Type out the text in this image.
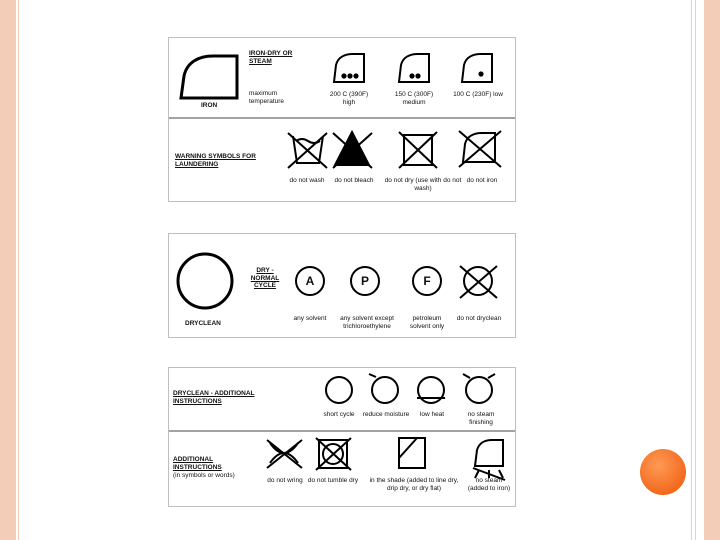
IRON-DRY OR STEAM
IRON
maximum temperature
200 C (390F) high
150 C (300F) medium
100 C (230F) low
WARNING SYMBOLS FOR LAUNDERING
do not wash	do not bleach	do not dry (use with do not wash)
do not iron
A	P	F
DRYCLEAN
DRY - NORMAL CYCLE
any solvent	any solvent except trichloroethylene
petroleum solvent only
do not dryclean
DRYCLEAN - ADDITIONAL INSTRUCTIONS
short cycle	reduce moisture	low heat	no steam finishing
ADDITIONAL INSTRUCTIONS
(in symbols or words)
do not wring do not tumble dry	in the shade (added to line dry, drip dry, or dry flat)
no steam (added to iron)
